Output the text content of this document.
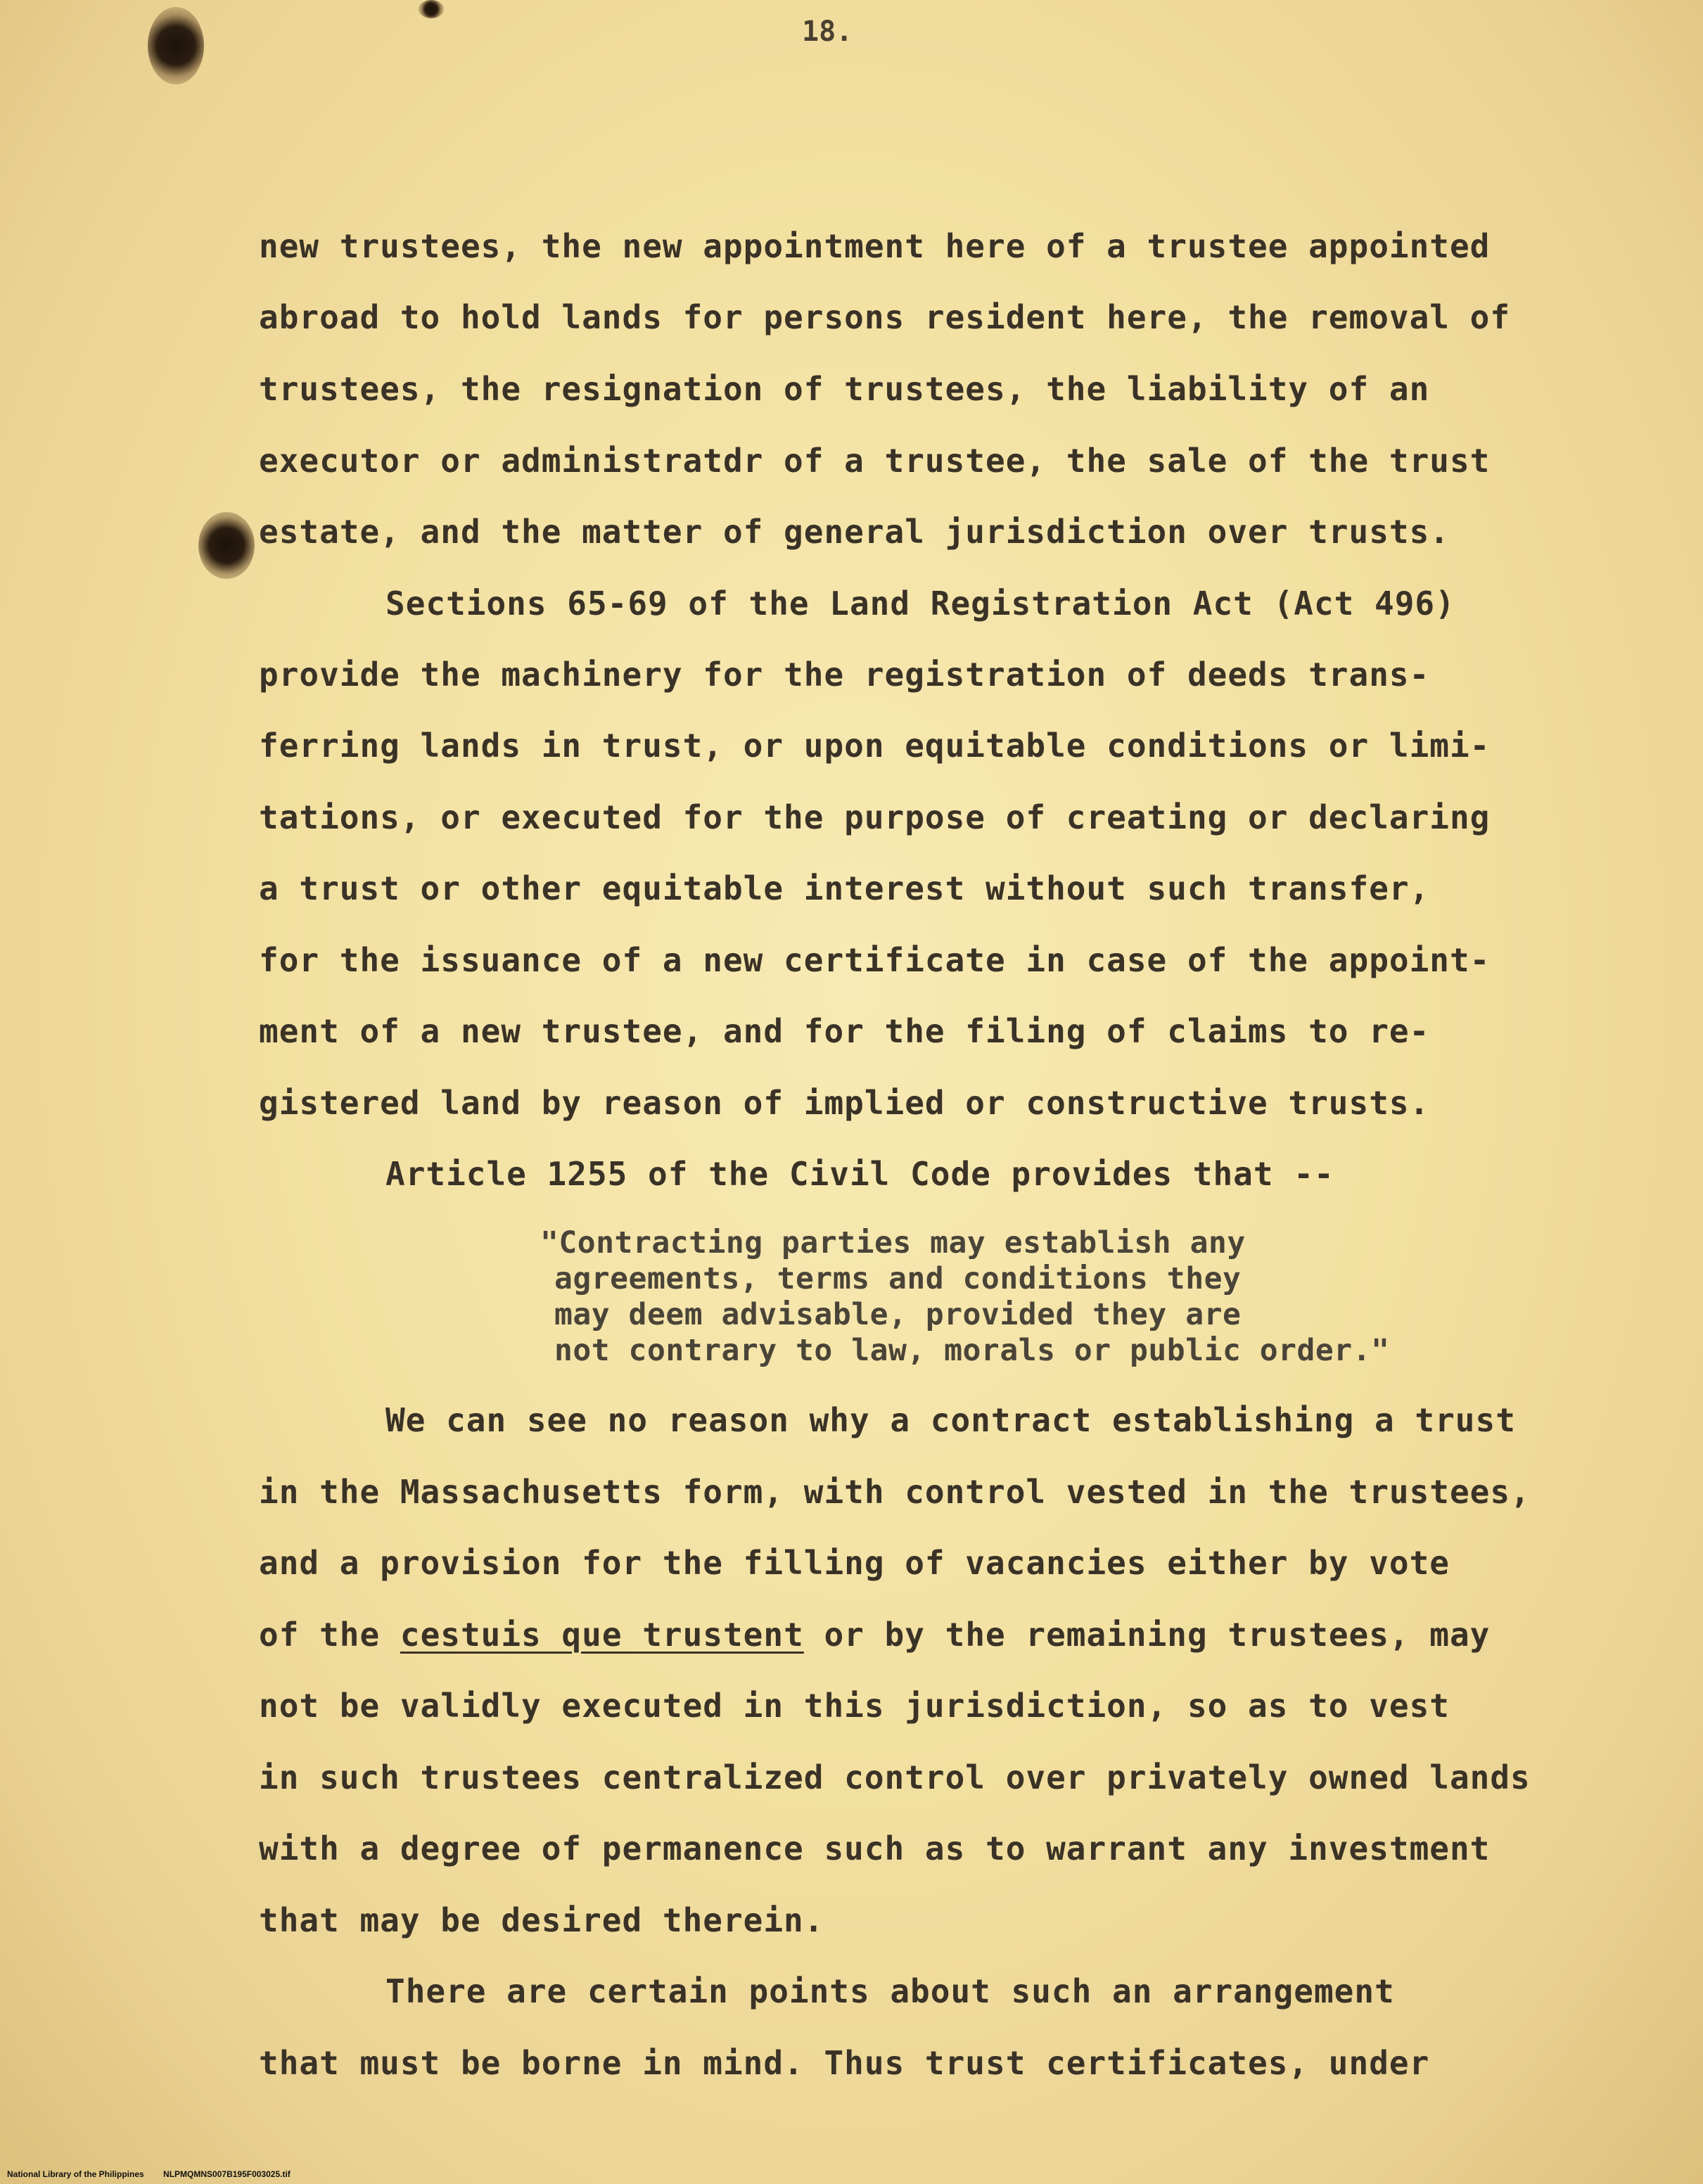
18.
new trustees, the new appointment here of a trustee appointed
abroad to hold lands for persons resident here, the removal of
trustees, the resignation of trustees, the liability of an
executor or administratdr of a trustee, the sale of the trust
estate, and the matter of general jurisdiction over trusts.
Sections 65-69 of the Land Registration Act (Act 496)
provide the machinery for the registration of deeds trans-
ferring lands in trust, or upon equitable conditions or limi-
tations, or executed for the purpose of creating or declaring
a trust or other equitable interest without such transfer,
for the issuance of a new certificate in case of the appoint-
ment of a new trustee, and for the filing of claims to re-
gistered land by reason of implied or constructive trusts.
Article 1255 of the Civil Code provides that --
"Contracting parties may establish any
agreements, terms and conditions they
may deem advisable, provided they are
not contrary to law, morals or public order."
We can see no reason why a contract establishing a trust
in the Massachusetts form, with control vested in the trustees,
and a provision for the filling of vacancies either by vote
of the cestuis que trustent or by the remaining trustees, may
not be validly executed in this jurisdiction, so as to vest
in such trustees centralized control over privately owned lands
with a degree of permanence such as to warrant any investment
that may be desired therein.
There are certain points about such an arrangement
that must be borne in mind. Thus trust certificates, under
National Library of the Philippines NLPMQMNS007B195F003025.tif
